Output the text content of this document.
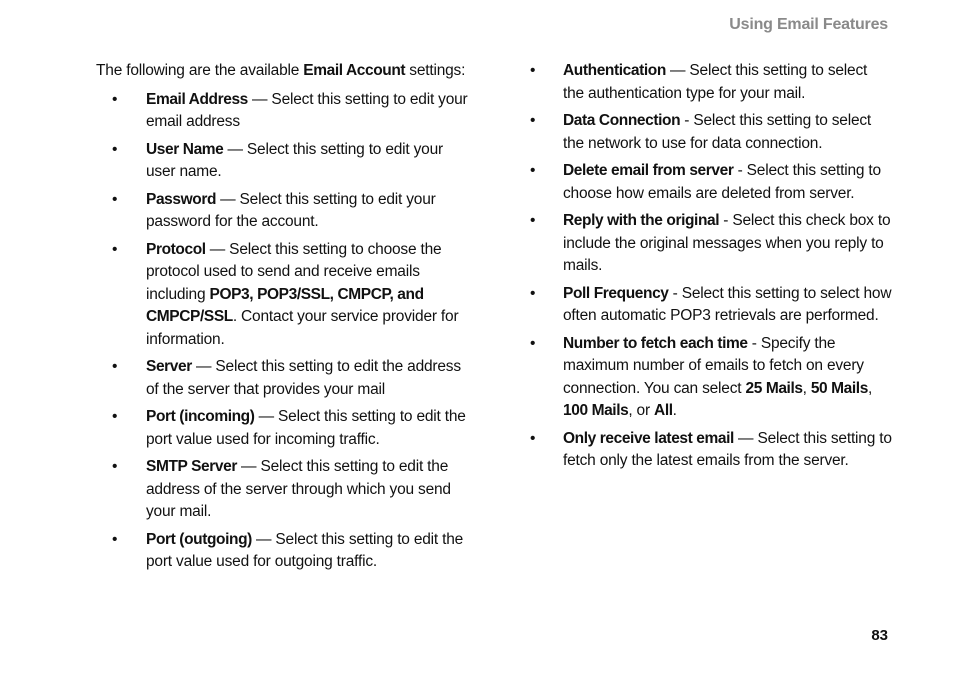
Using Email Features

The following are the available Email Account settings:

• Email Address — Select this setting to edit your email address
• User Name — Select this setting to edit your user name.
• Password — Select this setting to edit your password for the account.
• Protocol — Select this setting to choose the protocol used to send and receive emails including POP3, POP3/SSL, CMPCP, and CMPCP/SSL. Contact your service provider for information.
• Server — Select this setting to edit the address of the server that provides your mail
• Port (incoming) — Select this setting to edit the port value used for incoming traffic.
• SMTP Server — Select this setting to edit the address of the server through which you send your mail.
• Port (outgoing) — Select this setting to edit the port value used for outgoing traffic.
• Authentication — Select this setting to select the authentication type for your mail.
• Data Connection - Select this setting to select the network to use for data connection.
• Delete email from server - Select this setting to choose how emails are deleted from server.
• Reply with the original - Select this check box to include the original messages when you reply to mails.
• Poll Frequency - Select this setting to select how often automatic POP3 retrievals are performed.
• Number to fetch each time - Specify the maximum number of emails to fetch on every connection. You can select 25 Mails, 50 Mails, 100 Mails, or All.
• Only receive latest email — Select this setting to fetch only the latest emails from the server.
83
